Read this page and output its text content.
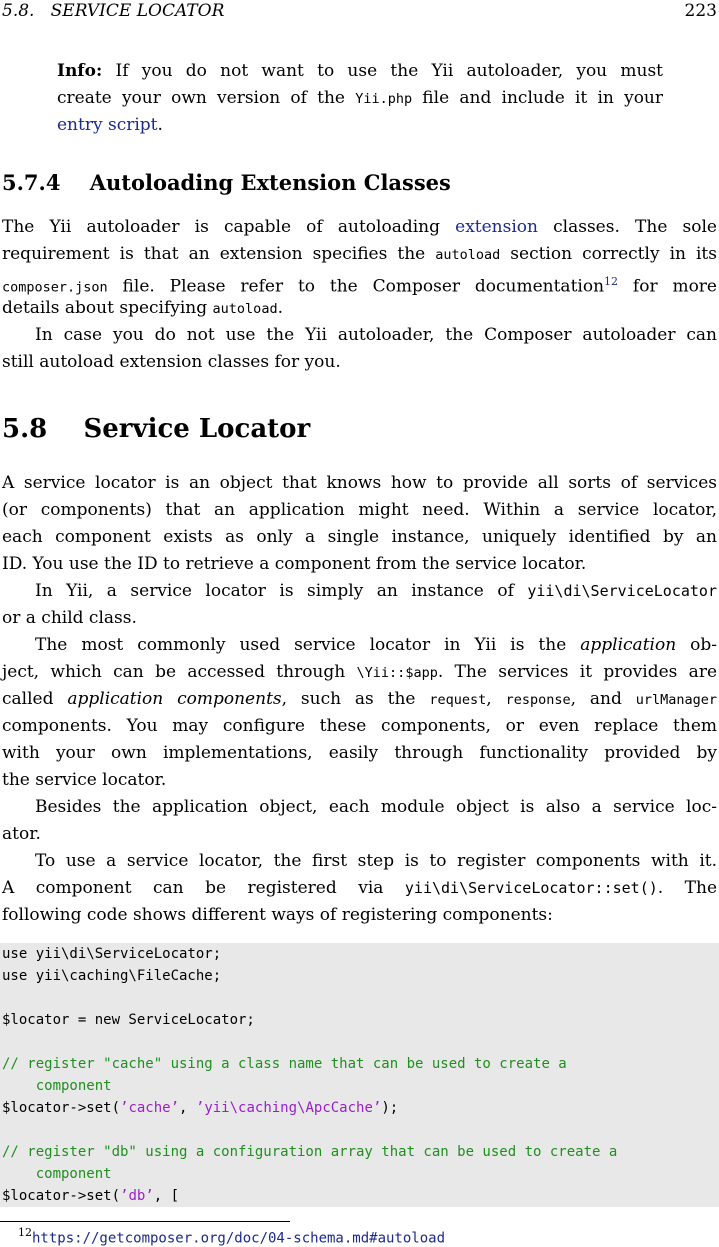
5.8.   SERVICE LOCATOR	223
Info: If you do not want to use the Yii autoloader, you must
create your own version of the Yii.php file and include it in your
entry script.
5.7.4    Autoloading Extension Classes
The Yii autoloader is capable of autoloading extension classes. The sole
requirement is that an extension specifies the autoload section correctly in its
composer.json file. Please refer to the Composer documentation$^{12}$ for more
details about specifying autoload.
In case you do not use the Yii autoloader, the Composer autoloader can
still autoload extension classes for you.
5.8    Service Locator
A service locator is an object that knows how to provide all sorts of services
(or components) that an application might need. Within a service locator,
each component exists as only a single instance, uniquely identified by an
ID. You use the ID to retrieve a component from the service locator.
In Yii, a service locator is simply an instance of yii\di\ServiceLocator
or a child class.
The most commonly used service locator in Yii is the application ob-
ject, which can be accessed through \Yii::$app. The services it provides are
called application components, such as the request, response, and urlManager
components. You may configure these components, or even replace them
with your own implementations, easily through functionality provided by
the service locator.
Besides the application object, each module object is also a service loc-
ator.
To use a service locator, the first step is to register components with it.
A component can be registered via yii\di\ServiceLocator::set(). The
following code shows different ways of registering components:
use yii\di\ServiceLocator;
use yii\caching\FileCache;
$locator = new ServiceLocator;
// register "cache" using a class name that can be used to create a
component
$locator->set(’cache’, ’yii\caching\ApcCache’);
// register "db" using a configuration array that can be used to create a
component
$locator->set(’db’, [
$^{12}$https://getcomposer.org/doc/04-schema.md#autoload
